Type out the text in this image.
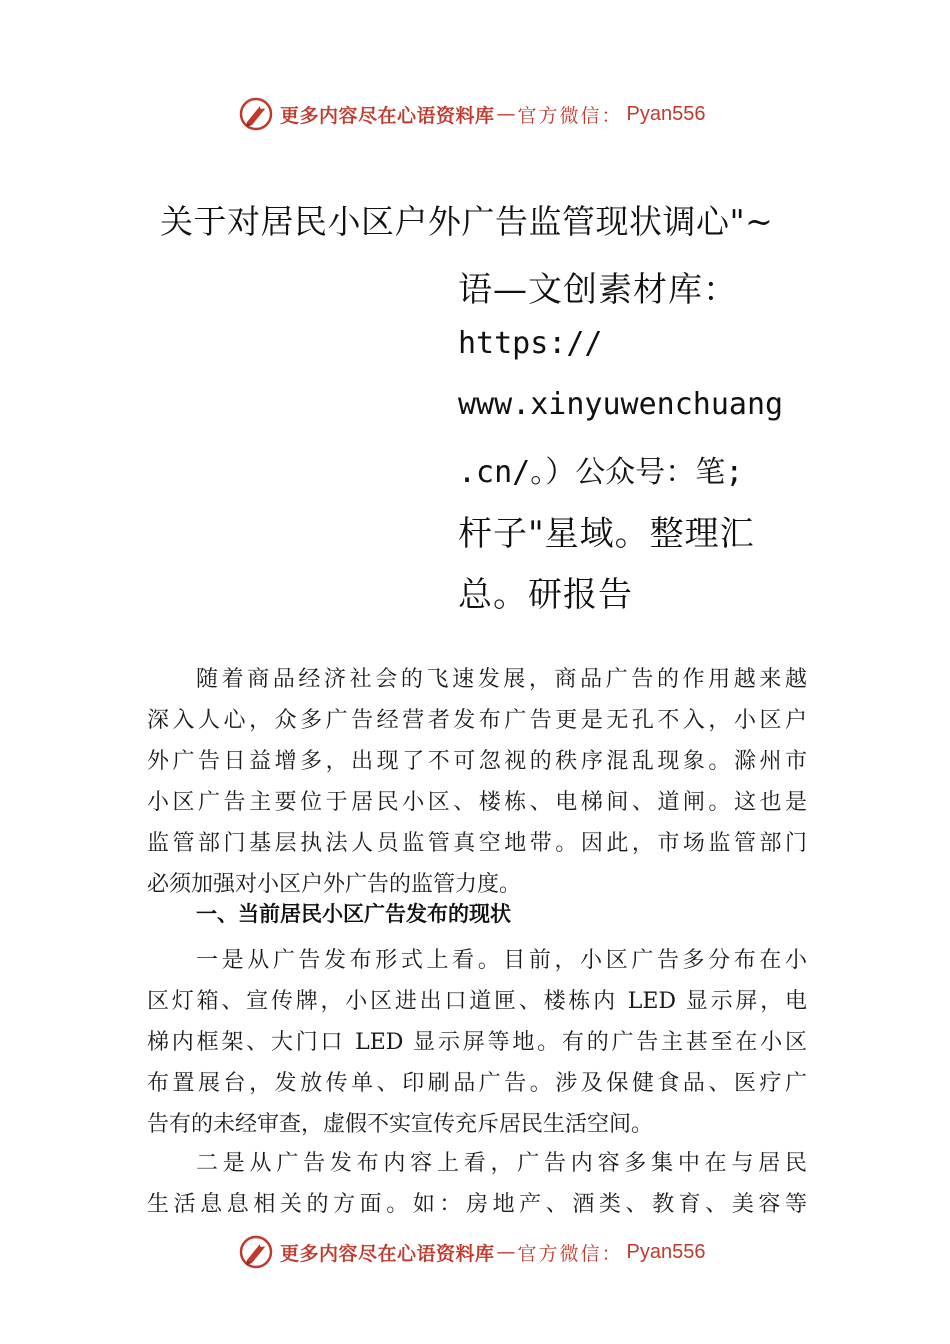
更多内容尽在心语资料库 — 官方微信： Pyan556
关于对居民小区户外广告监管现状调心"~
语—文创素材库：
https://
www.xinyuwenchuang
.cn/。）公众号：笔;
杆子"星域。整理汇
总。研报告
随着商品经济社会的飞速发展，商品广告的作用越来越
深入人心，众多广告经营者发布广告更是无孔不入，小区户
外广告日益增多，出现了不可忽视的秩序混乱现象。滁州市
小区广告主要位于居民小区、楼栋、电梯间、道闸。这也是
监管部门基层执法人员监管真空地带。因此，市场监管部门
必须加强对小区户外广告的监管力度。
一、当前居民小区广告发布的现状
一是从广告发布形式上看。目前，小区广告多分布在小
区灯箱、宣传牌，小区进出口道匣、楼栋内 LED 显示屏，电
梯内框架、大门口 LED 显示屏等地。有的广告主甚至在小区
布置展台，发放传单、印刷品广告。涉及保健食品、医疗广
告有的未经审查，虚假不实宣传充斥居民生活空间。
二是从广告发布内容上看，广告内容多集中在与居民
生活息息相关的方面。如：房地产、酒类、教育、美容等
更多内容尽在心语资料库 — 官方微信： Pyan556
